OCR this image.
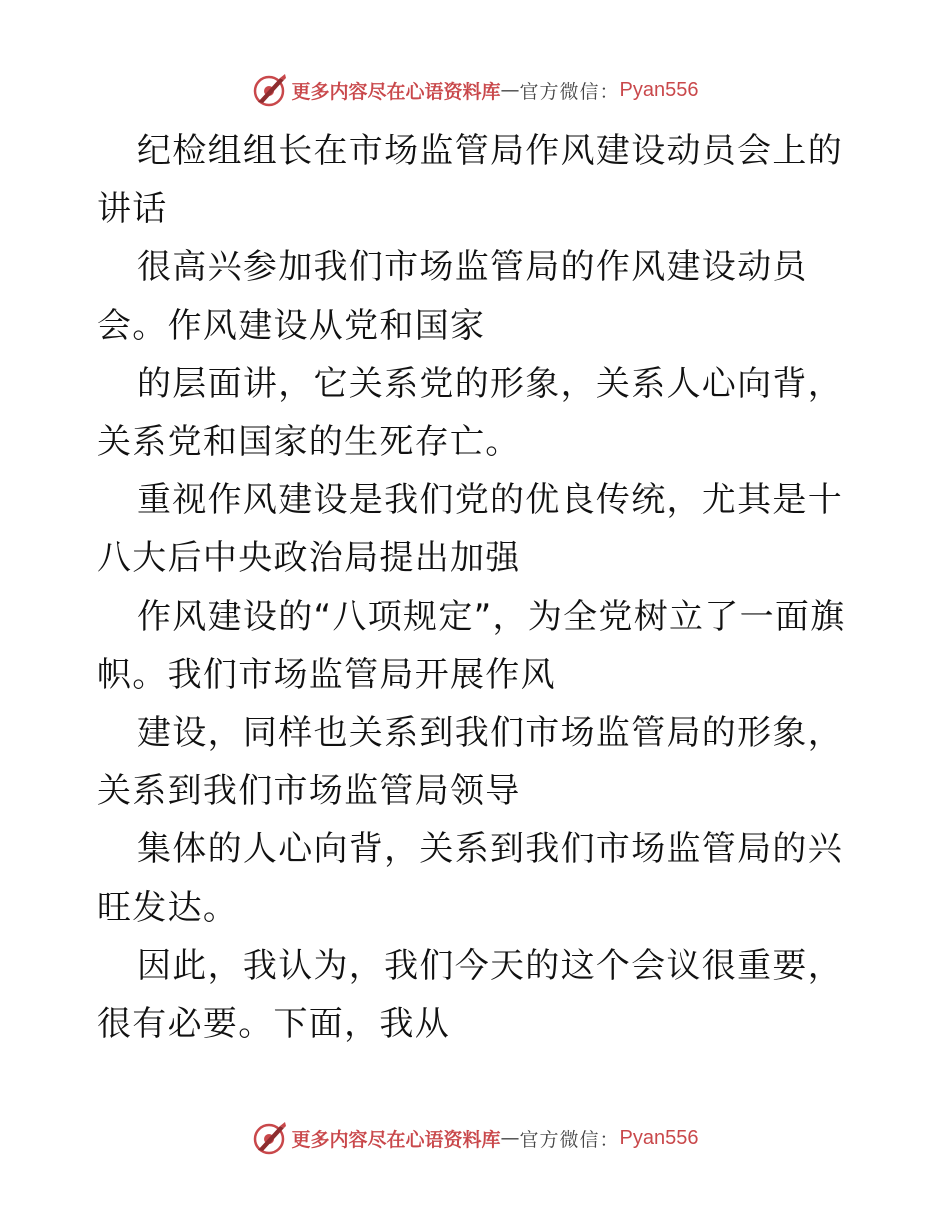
更多内容尽在心语资料库 — 官方微信： Pyan556

纪检组组长在市场监管局作风建设动员会上的讲话

很高兴参加我们市场监管局的作风建设动员会。作风建设从党和国家

的层面讲，它关系党的形象，关系人心向背，关系党和国家的生死存亡。

重视作风建设是我们党的优良传统，尤其是十八大后中央政治局提出加强

作风建设的“八项规定”，为全党树立了一面旗帜。我们市场监管局开展作风

建设，同样也关系到我们市场监管局的形象，关系到我们市场监管局领导

集体的人心向背，关系到我们市场监管局的兴旺发达。

因此，我认为，我们今天的这个会议很重要，很有必要。下面，我从

更多内容尽在心语资料库 — 官方微信： Pyan556
